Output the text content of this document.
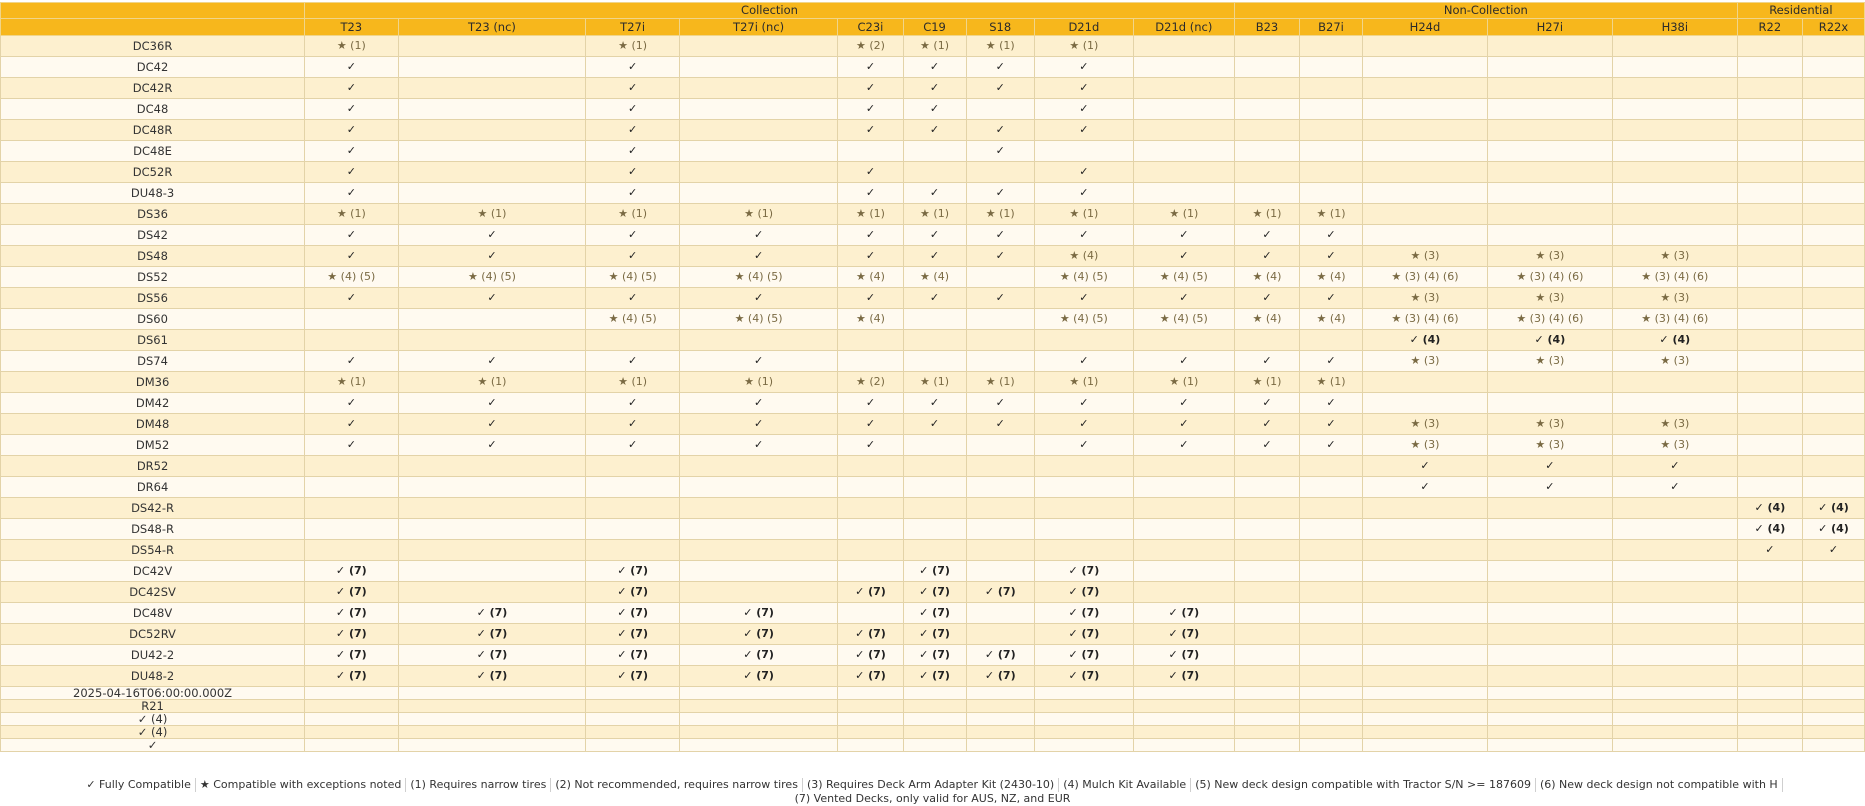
	Collection									Non-Collection					Residential	
	T23	T23 (nc)	T27i	T27i (nc)	C23i	C19	S18	D21d	D21d (nc)	B23	B27i	H24d	H27i	H38i	R22	R22x
DC36R	★ (1)		★ (1)		★ (2)	★ (1)	★ (1)	★ (1)								
DC42	✓		✓		✓	✓	✓	✓								
DC42R	✓		✓		✓	✓	✓	✓								
DC48	✓		✓		✓	✓		✓								
DC48R	✓		✓		✓	✓	✓	✓								
DC48E	✓		✓				✓									
DC52R	✓		✓		✓			✓								
DU48-3	✓		✓		✓	✓	✓	✓								
DS36	★ (1)	★ (1)	★ (1)	★ (1)	★ (1)	★ (1)	★ (1)	★ (1)	★ (1)	★ (1)	★ (1)					
DS42	✓	✓	✓	✓	✓	✓	✓	✓	✓	✓	✓					
DS48	✓	✓	✓	✓	✓	✓	✓	★ (4)	✓	✓	✓	★ (3)	★ (3)	★ (3)		
DS52	★ (4) (5)	★ (4) (5)	★ (4) (5)	★ (4) (5)	★ (4)	★ (4)		★ (4) (5)	★ (4) (5)	★ (4)	★ (4)	★ (3) (4) (6)	★ (3) (4) (6)	★ (3) (4) (6)		
DS56	✓	✓	✓	✓	✓	✓	✓	✓	✓	✓	✓	★ (3)	★ (3)	★ (3)		
DS60			★ (4) (5)	★ (4) (5)	★ (4)			★ (4) (5)	★ (4) (5)	★ (4)	★ (4)	★ (3) (4) (6)	★ (3) (4) (6)	★ (3) (4) (6)		
DS61												✓ (4)	✓ (4)	✓ (4)		
DS74	✓	✓	✓	✓				✓	✓	✓	✓	★ (3)	★ (3)	★ (3)		
DM36	★ (1)	★ (1)	★ (1)	★ (1)	★ (2)	★ (1)	★ (1)	★ (1)	★ (1)	★ (1)	★ (1)					
DM42	✓	✓	✓	✓	✓	✓	✓	✓	✓	✓	✓					
DM48	✓	✓	✓	✓	✓	✓	✓	✓	✓	✓	✓	★ (3)	★ (3)	★ (3)		
DM52	✓	✓	✓	✓	✓			✓	✓	✓	✓	★ (3)	★ (3)	★ (3)		
DR52												✓	✓	✓		
DR64												✓	✓	✓		
DS42-R															✓ (4)	✓ (4)
DS48-R															✓ (4)	✓ (4)
DS54-R															✓	✓
DC42V	✓ (7)		✓ (7)			✓ (7)		✓ (7)								
DC42SV	✓ (7)		✓ (7)		✓ (7)	✓ (7)	✓ (7)	✓ (7)								
DC48V	✓ (7)	✓ (7)	✓ (7)	✓ (7)		✓ (7)		✓ (7)	✓ (7)							
DC52RV	✓ (7)	✓ (7)	✓ (7)	✓ (7)	✓ (7)	✓ (7)		✓ (7)	✓ (7)							
DU42-2	✓ (7)	✓ (7)	✓ (7)	✓ (7)	✓ (7)	✓ (7)	✓ (7)	✓ (7)	✓ (7)							
DU48-2	✓ (7)	✓ (7)	✓ (7)	✓ (7)	✓ (7)	✓ (7)	✓ (7)	✓ (7)	✓ (7)							
2025-04-16T06:00:00.000Z																
R21																
✓ (4)																
✓ (4)																
✓																
✓ Fully Compatible ★ Compatible with exceptions noted (1) Requires narrow tires (2) Not recommended, requires narrow tires (3) Requires Deck Arm Adapter Kit (2430-10) (4) Mulch Kit Available (5) New deck design compatible with Tractor S/N >= 187609 (6) New deck design not compatible with H(7) Vented Decks, only valid for AUS, NZ, and EUR
